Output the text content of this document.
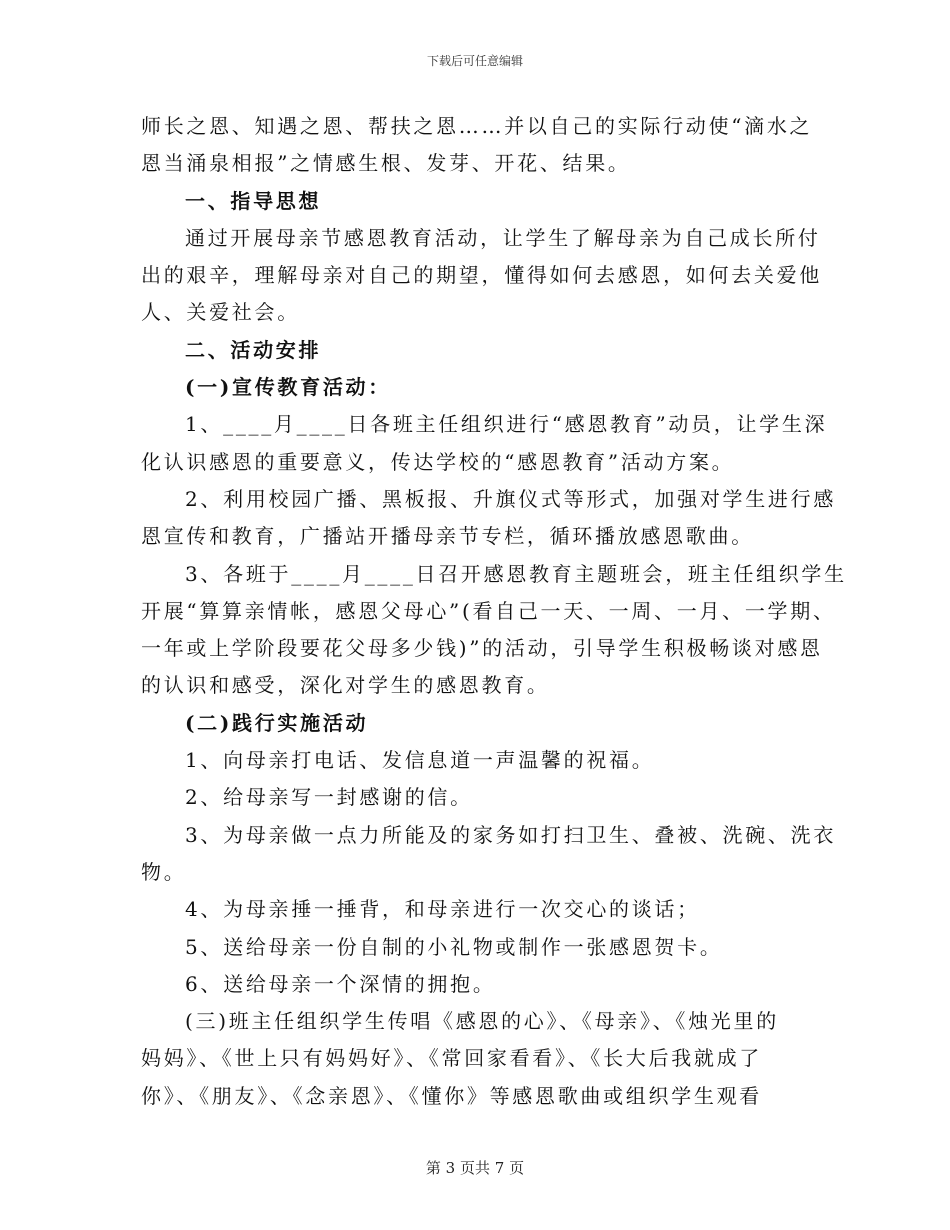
下载后可任意编辑
师长之恩、知遇之恩、帮扶之恩……并以自己的实际行动使“滴水之
恩当涌泉相报”之情感生根、发芽、开花、结果。
一、指导思想
通过开展母亲节感恩教育活动，让学生了解母亲为自己成长所付
出的艰辛，理解母亲对自己的期望，懂得如何去感恩，如何去关爱他
人、关爱社会。
二、活动安排
(一)宣传教育活动：
1、____月____日各班主任组织进行“感恩教育”动员，让学生深
化认识感恩的重要意义，传达学校的“感恩教育”活动方案。
2、利用校园广播、黑板报、升旗仪式等形式，加强对学生进行感
恩宣传和教育，广播站开播母亲节专栏，循环播放感恩歌曲。
3、各班于____月____日召开感恩教育主题班会，班主任组织学生
开展“算算亲情帐，感恩父母心”(看自己一天、一周、一月、一学期、
一年或上学阶段要花父母多少钱)”的活动，引导学生积极畅谈对感恩
的认识和感受，深化对学生的感恩教育。
(二)践行实施活动
1、向母亲打电话、发信息道一声温馨的祝福。
2、给母亲写一封感谢的信。
3、为母亲做一点力所能及的家务如打扫卫生、叠被、洗碗、洗衣
物。
4、为母亲捶一捶背，和母亲进行一次交心的谈话；
5、送给母亲一份自制的小礼物或制作一张感恩贺卡。
6、送给母亲一个深情的拥抱。
(三)班主任组织学生传唱《感恩的心》、《母亲》、《烛光里的
妈妈》、《世上只有妈妈好》、《常回家看看》、《长大后我就成了
你》、《朋友》、《念亲恩》、《懂你》等感恩歌曲或组织学生观看
第 3 页共 7 页
